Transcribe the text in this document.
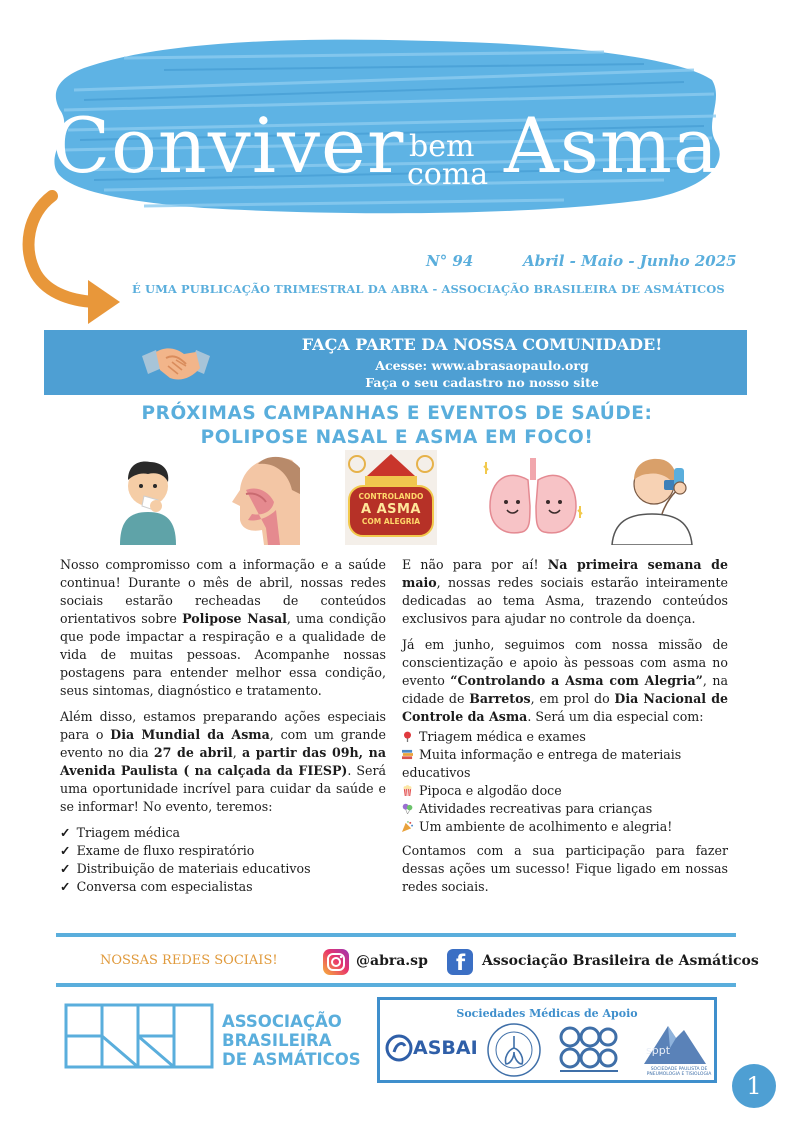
Conviver bem
coma Asma
N° 94	Abril - Maio - Junho 2025
É UMA PUBLICAÇÃO TRIMESTRAL DA ABRA - ASSOCIAÇÃO BRASILEIRA DE ASMÁTICOS
FAÇA PARTE DA NOSSA COMUNIDADE!
Acesse: www.abrasaopaulo.org
Faça o seu cadastro no nosso site
PRÓXIMAS CAMPANHAS E EVENTOS DE SAÚDE:
POLIPOSE NASAL E ASMA EM FOCO!
CONTROLANDO
A ASMA
COM ALEGRIA

Nosso compromisso com a informação e a saúde continua! Durante o mês de abril, nossas redes sociais estarão recheadas de conteúdos orientativos sobre Polipose Nasal, uma condição que pode impactar a respiração e a qualidade de vida de muitas pessoas. Acompanhe nossas postagens para entender melhor essa condição, seus sintomas, diagnóstico e tratamento.

Além disso, estamos preparando ações especiais para o Dia Mundial da Asma, com um grande evento no dia 27 de abril, a partir das 09h, na Avenida Paulista ( na calçada da FIESP). Será uma oportunidade incrível para cuidar da saúde e se informar! No evento, teremos:

✓ Triagem médica
✓ Exame de fluxo respiratório
✓ Distribuição de materiais educativos
✓ Conversa com especialistas

E não para por aí! Na primeira semana de maio, nossas redes sociais estarão inteiramente dedicadas ao tema Asma, trazendo conteúdos exclusivos para ajudar no controle da doença.

Já em junho, seguimos com nossa missão de conscientização e apoio às pessoas com asma no evento “Controlando a Asma com Alegria”, na cidade de Barretos, em prol do Dia Nacional de Controle da Asma. Será um dia especial com:

Triagem médica e exames
Muita informação e entrega de materiais educativos
Pipoca e algodão doce
Atividades recreativas para crianças
Um ambiente de acolhimento e alegria!

Contamos com a sua participação para fazer dessas ações um sucesso! Fique ligado em nossas redes sociais.

NOSSAS REDES SOCIAIS!	@abra.sp f Associação Brasileira de Asmáticos
ASSOCIAÇÃO
BRASILEIRA
DE ASMÁTICOS
Sociedades Médicas de Apoio
ASBAI	sppt
SOCIEDADE PAULISTA DE
PNEUMOLOGIA E TISIOLOGIA	1
